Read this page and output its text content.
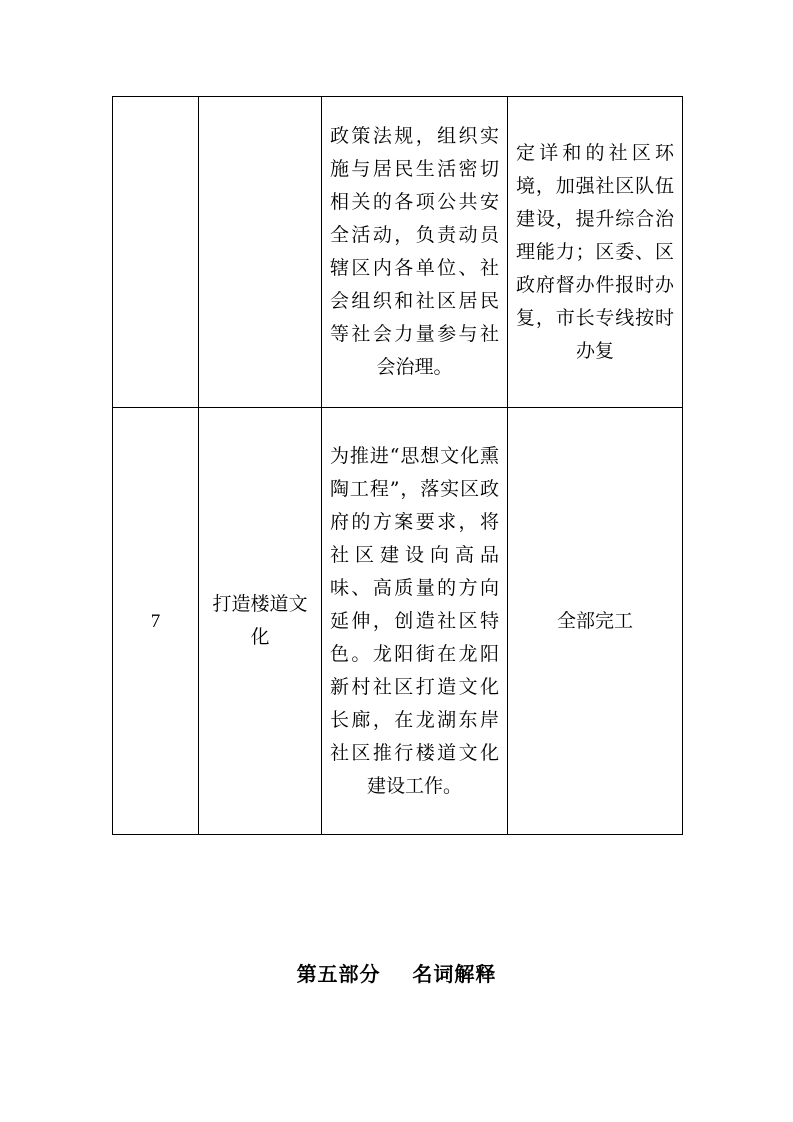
		政策法规，组织实施与居民生活密切相关的各项公共安全活动，负责动员辖区内各单位、社会组织和社区居民等社会力量参与社会治理。	定详和的社区环境，加强社区队伍建设，提升综合治理能力；区委、区政府督办件报时办复，市长专线按时办复

7	打造楼道文化	为推进“思想文化熏陶工程”，落实区政府的方案要求，将社区建设向高品味、高质量的方向延伸，创造社区特色。龙阳街在龙阳新村社区打造文化长廊，在龙湖东岸社区推行楼道文化建设工作。	全部完工
第五部分    名词解释
